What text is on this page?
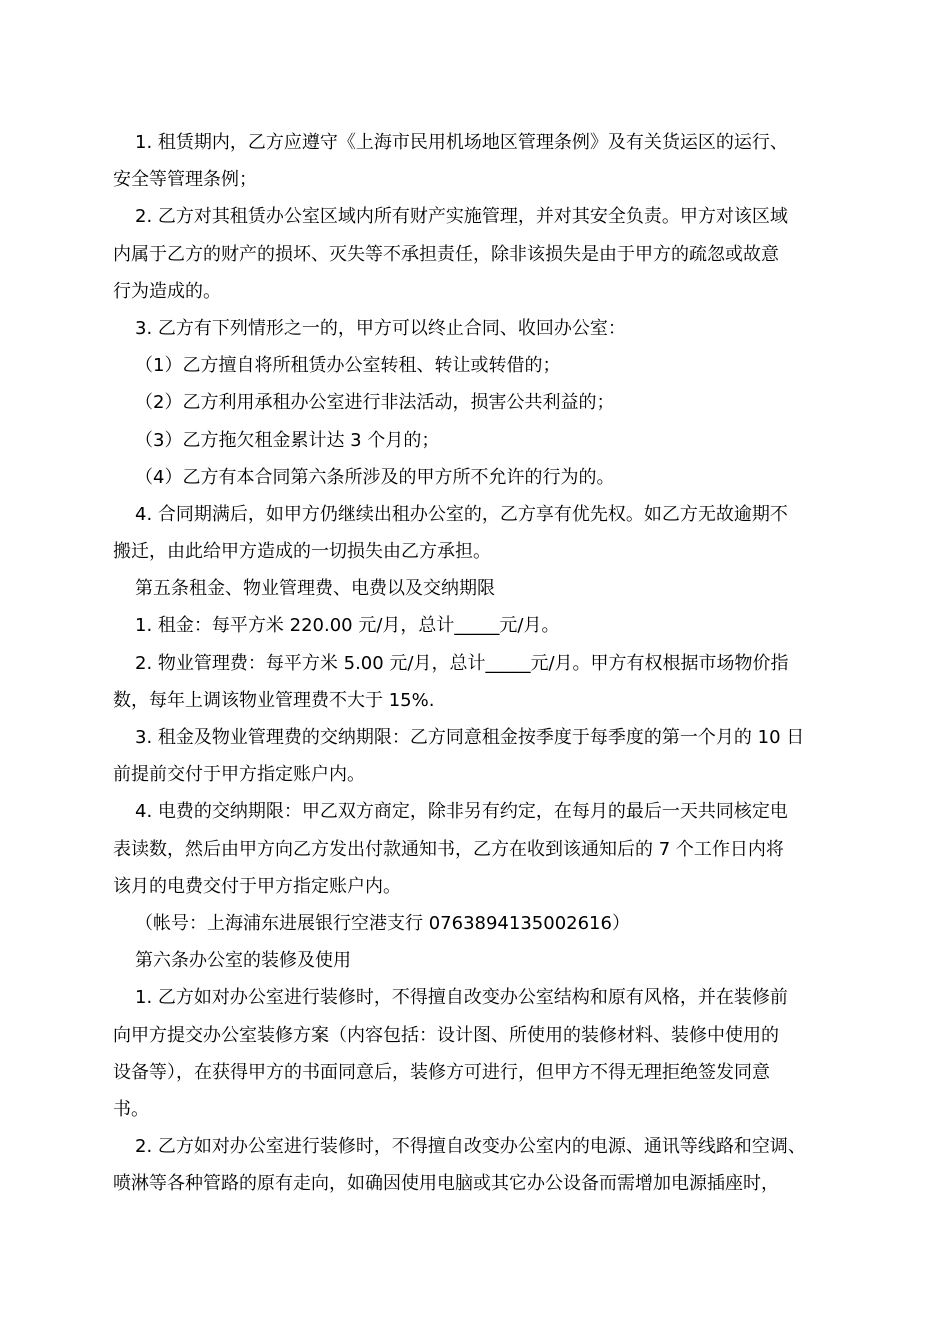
1. 租赁期内，乙方应遵守《上海市民用机场地区管理条例》及有关货运区的运行、
安全等管理条例；
2. 乙方对其租赁办公室区域内所有财产实施管理，并对其安全负责。甲方对该区域
内属于乙方的财产的损坏、灭失等不承担责任，除非该损失是由于甲方的疏忽或故意
行为造成的。
3. 乙方有下列情形之一的，甲方可以终止合同、收回办公室：
（1）乙方擅自将所租赁办公室转租、转让或转借的；
（2）乙方利用承租办公室进行非法活动，损害公共利益的；
（3）乙方拖欠租金累计达 3 个月的；
（4）乙方有本合同第六条所涉及的甲方所不允许的行为的。
4. 合同期满后，如甲方仍继续出租办公室的，乙方享有优先权。如乙方无故逾期不
搬迁，由此给甲方造成的一切损失由乙方承担。
第五条租金、物业管理费、电费以及交纳期限
1. 租金：每平方米 220.00 元/月，总计_____元/月。
2. 物业管理费：每平方米 5.00 元/月，总计_____元/月。甲方有权根据市场物价指
数，每年上调该物业管理费不大于 15%.
3. 租金及物业管理费的交纳期限：乙方同意租金按季度于每季度的第一个月的 10 日
前提前交付于甲方指定账户内。
4. 电费的交纳期限：甲乙双方商定，除非另有约定，在每月的最后一天共同核定电
表读数，然后由甲方向乙方发出付款通知书，乙方在收到该通知后的 7 个工作日内将
该月的电费交付于甲方指定账户内。
（帐号：上海浦东进展银行空港支行 0763894135002616）
第六条办公室的装修及使用
1. 乙方如对办公室进行装修时，不得擅自改变办公室结构和原有风格，并在装修前
向甲方提交办公室装修方案（内容包括：设计图、所使用的装修材料、装修中使用的
设备等），在获得甲方的书面同意后，装修方可进行，但甲方不得无理拒绝签发同意
书。
2. 乙方如对办公室进行装修时，不得擅自改变办公室内的电源、通讯等线路和空调、
喷淋等各种管路的原有走向，如确因使用电脑或其它办公设备而需增加电源插座时，
